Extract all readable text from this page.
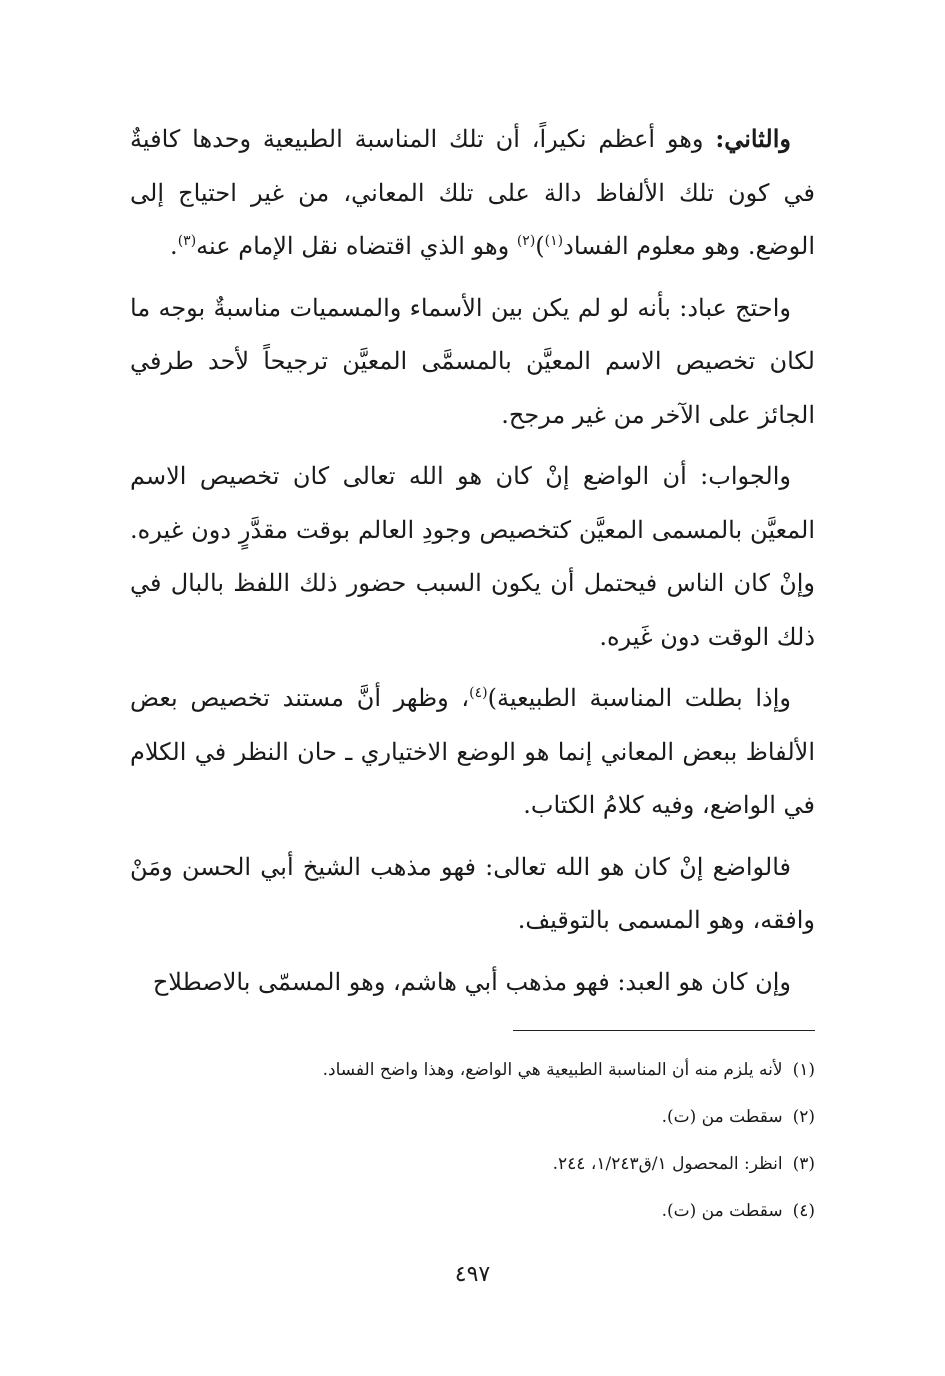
والثاني: وهو أعظم نكيراً، أن تلك المناسبة الطبيعية وحدها كافيةٌ في كون تلك الألفاظ دالة على تلك المعاني، من غير احتياج إلى الوضع. وهو معلوم الفساد$^{(١)}$)$^{(٢)}$ وهو الذي اقتضاه نقل الإمام عنه$^{(٣)}$.

واحتج عباد: بأنه لو لم يكن بين الأسماء والمسميات مناسبةٌ بوجه ما لكان تخصيص الاسم المعيَّن بالمسمَّى المعيَّن ترجيحاً لأحد طرفي الجائز على الآخر من غير مرجح.

والجواب: أن الواضع إنْ كان هو الله تعالى كان تخصيص الاسم المعيَّن بالمسمى المعيَّن كتخصيص وجودِ العالم بوقت مقدَّرٍ دون غيره. وإنْ كان الناس فيحتمل أن يكون السبب حضور ذلك اللفظ بالبال في ذلك الوقت دون غَيره.

وإذا بطلت المناسبة الطبيعية)$^{(٤)}$، وظهر أنَّ مستند تخصيص بعض الألفاظ ببعض المعاني إنما هو الوضع الاختياري ـ حان النظر في الكلام في الواضع، وفيه كلامُ الكتاب.

فالواضع إنْ كان هو الله تعالى: فهو مذهب الشيخ أبي الحسن ومَنْ وافقه، وهو المسمى بالتوقيف.

وإن كان هو العبد: فهو مذهب أبي هاشم، وهو المسمّى بالاصطلاح

(١)لأنه يلزم منه أن المناسبة الطبيعية هي الواضع، وهذا واضح الفساد.
(٢)سقطت من (ت).
(٣)انظر: المحصول ١/ق١/٢٤٣، ٢٤٤.
(٤)سقطت من (ت).
٤٩٧
